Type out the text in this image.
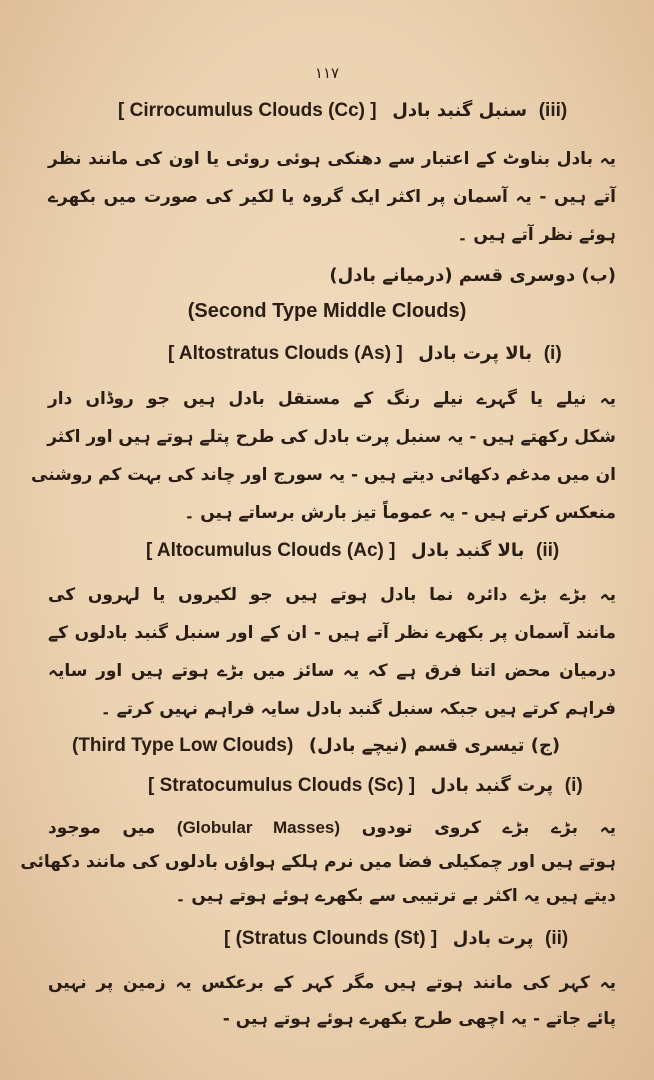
۱۱۷
[ Cirrocumulus Clouds (Cc) ] سنبل گنبد بادل (iii)
یہ بادل بناوٹ کے اعتبار سے دھنکی ہوئی روئی یا اون کی مانند نظر
آتے ہیں - یہ آسمان پر اکثر ایک گروہ یا لکیر کی صورت میں بکھرے
ہوئے نظر آتے ہیں ۔
(ب) دوسری قسم (درمیانے بادل)
(Second Type Middle Clouds)
[ Altostratus Clouds (As) ] بالا پرت بادل (i)
یہ نیلے یا گہرے نیلے رنگ کے مستقل بادل ہیں جو روڈاں دار
شکل رکھتے ہیں - یہ سنبل پرت بادل کی طرح پتلے ہوتے ہیں اور اکثر
ان میں مدغم دکھائی دیتے ہیں - یہ سورج اور چاند کی بہت کم روشنی
منعکس کرتے ہیں - یہ عموماً تیز بارش برساتے ہیں ۔
[ Altocumulus Clouds (Ac) ] بالا گنبد بادل (ii)
یہ بڑے بڑے دائرہ نما بادل ہوتے ہیں جو لکیروں یا لہروں کی
مانند آسمان پر بکھرے نظر آتے ہیں - ان کے اور سنبل گنبد بادلوں کے
درمیان محض اتنا فرق ہے کہ یہ سائز میں بڑے ہوتے ہیں اور سایہ
فراہم کرتے ہیں جبکہ سنبل گنبد بادل سایہ فراہم نہیں کرتے ۔
(Third Type Low Clouds) (ج) تیسری قسم (نیچے بادل)
[ Stratocumulus Clouds (Sc) ] پرت گنبد بادل (i)
یہ بڑے بڑے کروی تودوں (Globular Masses) میں موجود
ہوتے ہیں اور چمکیلی فضا میں نرم ہلکے ہواؤں بادلوں کی مانند دکھائی
دیتے ہیں یہ اکثر بے ترتیبی سے بکھرے ہوئے ہوتے ہیں ۔
[ (Stratus Clounds (St) ] پرت بادل (ii)
یہ کہر کی مانند ہوتے ہیں مگر کہر کے برعکس یہ زمین پر نہیں
پائے جاتے - یہ اچھی طرح بکھرے ہوئے ہوتے ہیں -
